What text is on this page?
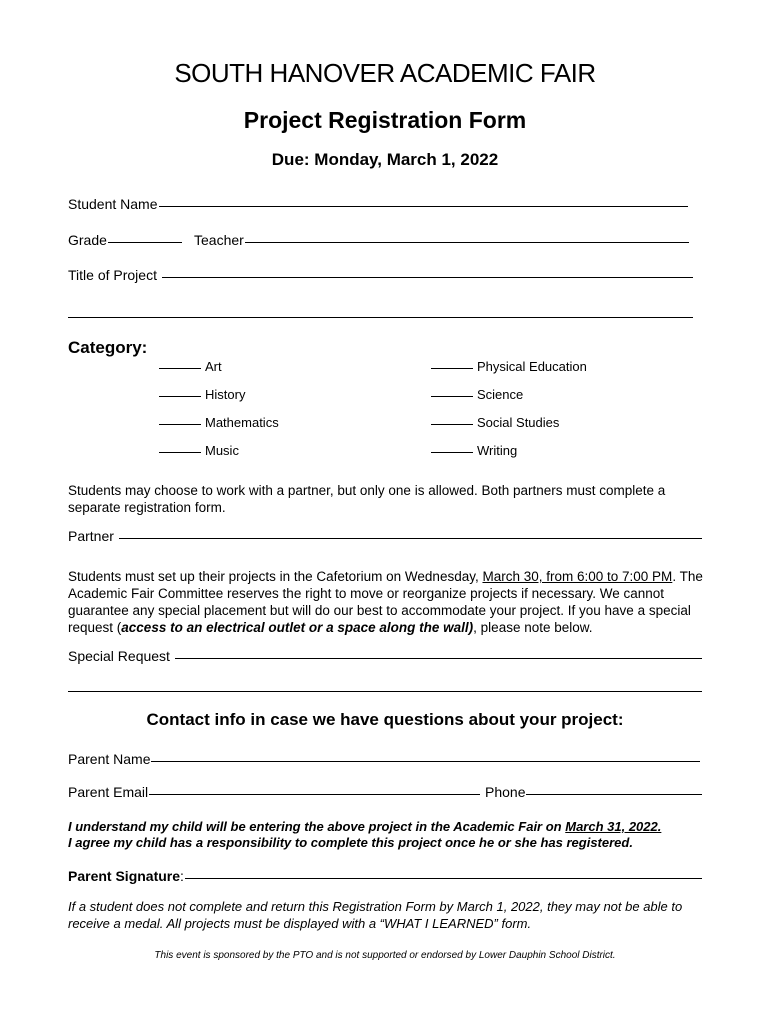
SOUTH HANOVER ACADEMIC FAIR
Project Registration Form
Due: Monday, March 1, 2022
Student Name
Grade	Teacher
Title of Project
Category:
Art
History
Mathematics
Music
Physical Education
Science
Social Studies
Writing
Students may choose to work with a partner, but only one is allowed. Both partners must complete a separate registration form.
Partner
Students must set up their projects in the Cafetorium on Wednesday, March 30, from 6:00 to 7:00 PM. The Academic Fair Committee reserves the right to move or reorganize projects if necessary. We cannot guarantee any special placement but will do our best to accommodate your project. If you have a special request (access to an electrical outlet or a space along the wall), please note below.
Special Request
Contact info in case we have questions about your project:
Parent Name
Parent Email	Phone
I understand my child will be entering the above project in the Academic Fair on March 31, 2022.
I agree my child has a responsibility to complete this project once he or she has registered.
Parent Signature :
If a student does not complete and return this Registration Form by March 1, 2022, they may not be able to receive a medal. All projects must be displayed with a “WHAT I LEARNED” form.
This event is sponsored by the PTO and is not supported or endorsed by Lower Dauphin School District.
